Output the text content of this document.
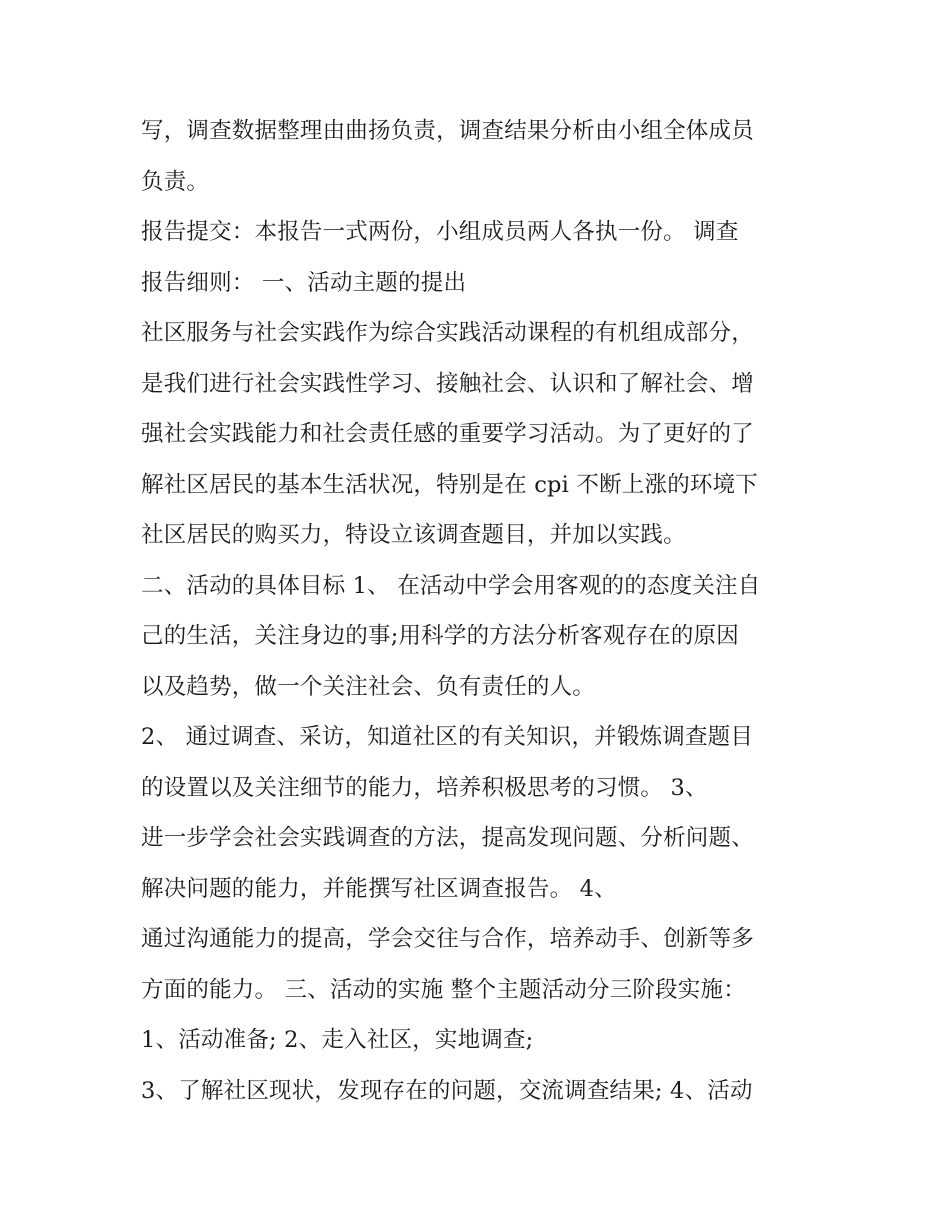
写，调查数据整理由曲扬负责，调查结果分析由小组全体成员
负责。
报告提交：本报告一式两份，小组成员两人各执一份。 调查
报告细则： 一、活动主题的提出
社区服务与社会实践作为综合实践活动课程的有机组成部分，
是我们进行社会实践性学习、接触社会、认识和了解社会、增
强社会实践能力和社会责任感的重要学习活动。为了更好的了
解社区居民的基本生活状况，特别是在 cpi 不断上涨的环境下
社区居民的购买力，特设立该调查题目，并加以实践。
二、活动的具体目标 1、 在活动中学会用客观的的态度关注自
己的生活，关注身边的事;用科学的方法分析客观存在的原因
以及趋势，做一个关注社会、负有责任的人。
2、 通过调查、采访，知道社区的有关知识，并锻炼调查题目
的设置以及关注细节的能力，培养积极思考的习惯。 3、
进一步学会社会实践调查的方法，提高发现问题、分析问题、
解决问题的能力，并能撰写社区调查报告。 4、
通过沟通能力的提高，学会交往与合作，培养动手、创新等多
方面的能力。 三、活动的实施 整个主题活动分三阶段实施：
1、活动准备; 2、走入社区，实地调查;
3、了解社区现状，发现存在的问题，交流调查结果; 4、活动
